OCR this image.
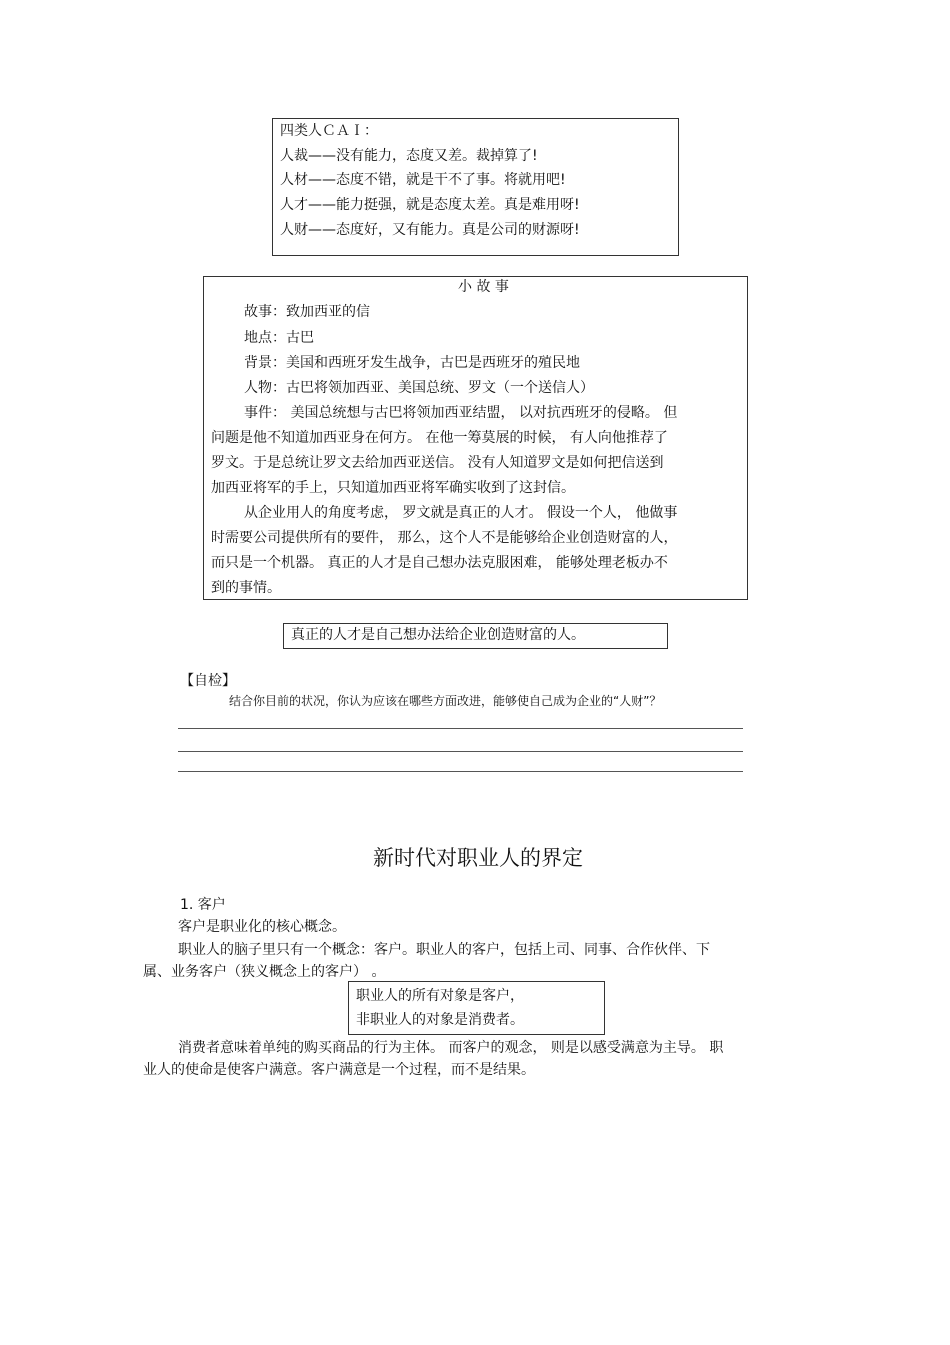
四类人ＣＡＩ：
人裁——没有能力，态度又差。裁掉算了!
人材——态度不错，就是干不了事。将就用吧!
人才——能力挺强，就是态度太差。真是难用呀!
人财——态度好，又有能力。真是公司的财源呀!
小 故 事
故事：致加西亚的信
地点：古巴
背景：美国和西班牙发生战争，古巴是西班牙的殖民地
人物：古巴将领加西亚、美国总统、罗文（一个送信人）
事件： 美国总统想与古巴将领加西亚结盟， 以对抗西班牙的侵略。 但
问题是他不知道加西亚身在何方。 在他一筹莫展的时候， 有人向他推荐了
罗文。于是总统让罗文去给加西亚送信。 没有人知道罗文是如何把信送到
加西亚将军的手上，只知道加西亚将军确实收到了这封信。
从企业用人的角度考虑， 罗文就是真正的人才。 假设一个人， 他做事
时需要公司提供所有的要件， 那么，这个人不是能够给企业创造财富的人，
而只是一个机器。 真正的人才是自己想办法克服困难， 能够处理老板办不
到的事情。
真正的人才是自己想办法给企业创造财富的人。
【自检】
结合你目前的状况，你认为应该在哪些方面改进，能够使自己成为企业的“人财”？
新时代对职业人的界定
1. 客户
客户是职业化的核心概念。
职业人的脑子里只有一个概念：客户。职业人的客户，包括上司、同事、合作伙伴、下
属、业务客户（狭义概念上的客户） 。
职业人的所有对象是客户，
非职业人的对象是消费者。
消费者意味着单纯的购买商品的行为主体。 而客户的观念， 则是以感受满意为主导。 职
业人的使命是使客户满意。客户满意是一个过程，而不是结果。
